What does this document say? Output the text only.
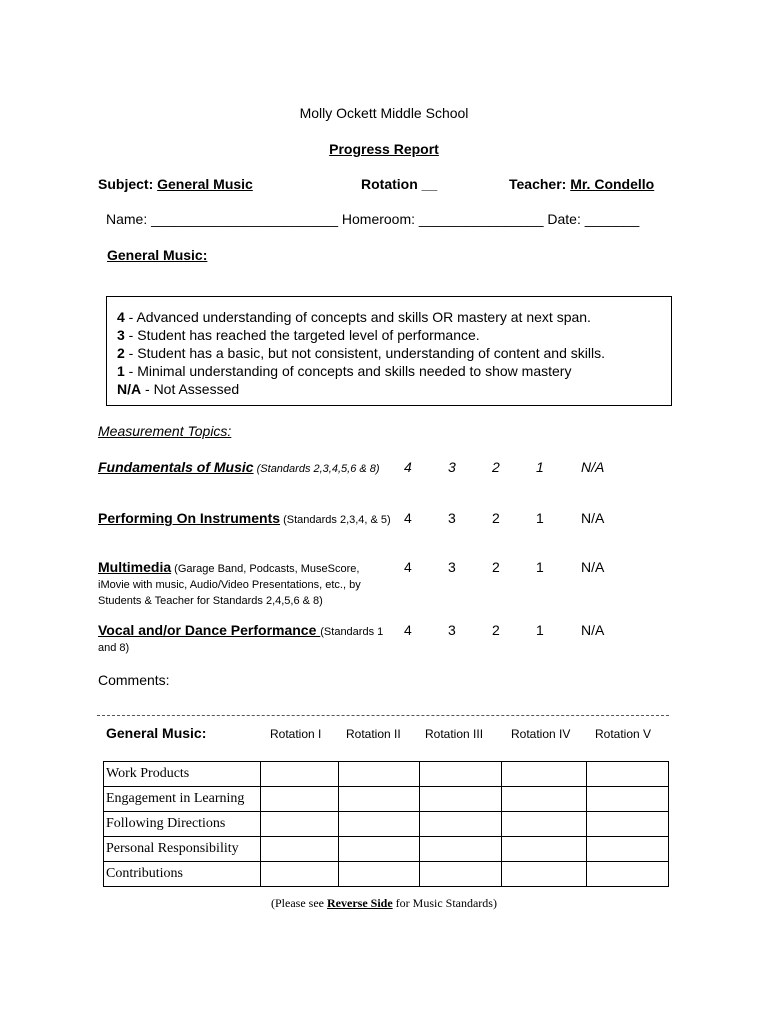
Molly Ockett Middle School
Progress Report
Subject: General Music	Rotation __	Teacher: Mr. Condello
Name: ________________________ Homeroom: ________________ Date: _______
General Music:
4 - Advanced understanding of concepts and skills OR mastery at next span.
3 - Student has reached the targeted level of performance.
2 - Student has a basic, but not consistent, understanding of content and skills.
1 - Minimal understanding of concepts and skills needed to show mastery
N/A - Not Assessed
Measurement Topics:
Fundamentals of Music (Standards 2,3,4,5,6 & 8)	4	3	2	1	N/A
Performing On Instruments (Standards 2,3,4, & 5) 4	3	2	1	N/A
Multimedia (Garage Band, Podcasts, MuseScore, iMovie with music, Audio/Video Presentations, etc., by Students & Teacher for Standards 2,4,5,6 & 8)
4	3	2	1	N/A
Vocal and/or Dance Performance (Standards 1 and 8)
4	3	2	1	N/A
Comments:
General Music:	Rotation I Rotation II Rotation III Rotation IV Rotation V
Work Products					
Engagement in Learning					
Following Directions					
Personal Responsibility					
Contributions					
(Please see Reverse Side for Music Standards)
